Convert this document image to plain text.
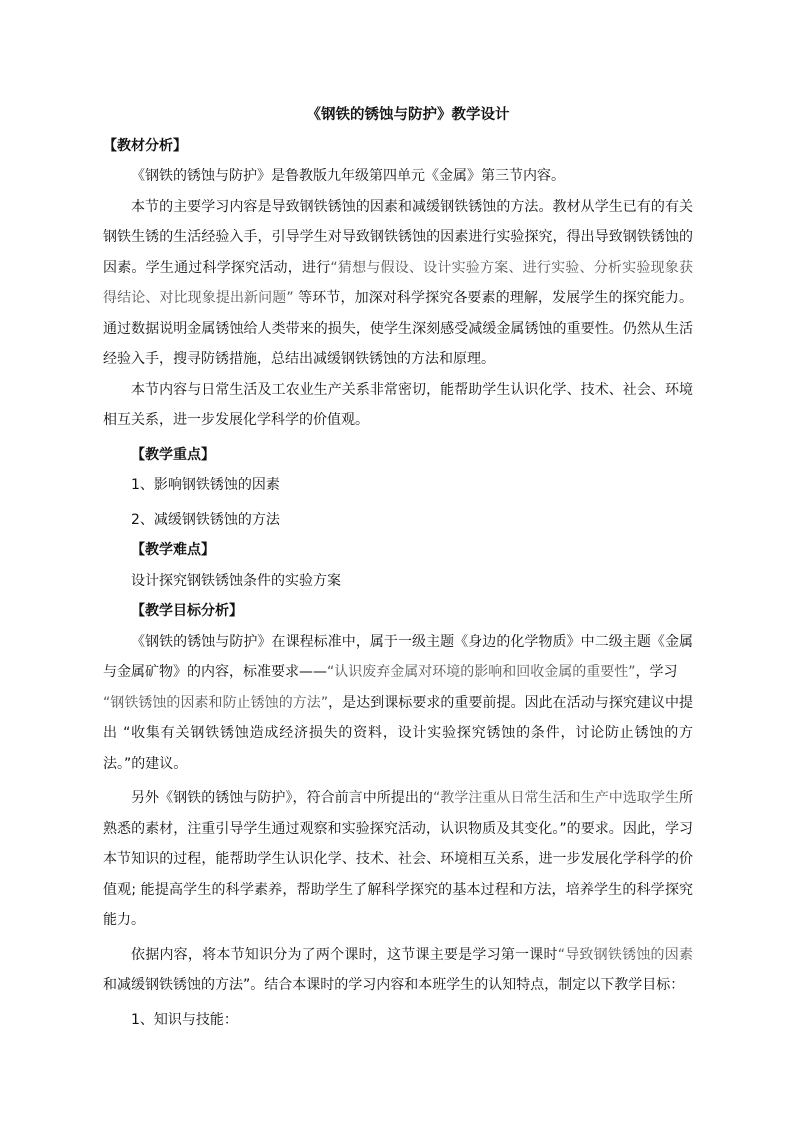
《钢铁的锈蚀与防护》教学设计
【教材分析】

《钢铁的锈蚀与防护》是鲁教版九年级第四单元《金属》第三节内容。

本节的主要学习内容是导致钢铁锈蚀的因素和减缓钢铁锈蚀的方法。教材从学生已有的有关钢铁生锈的生活经验入手，引导学生对导致钢铁锈蚀的因素进行实验探究，得出导致钢铁锈蚀的因素。学生通过科学探究活动，进行“猜想与假设、设计实验方案、进行实验、分析实验现象获得结论、对比现象提出新问题” 等环节，加深对科学探究各要素的理解，发展学生的探究能力。通过数据说明金属锈蚀给人类带来的损失，使学生深刻感受减缓金属锈蚀的重要性。仍然从生活经验入手，搜寻防锈措施，总结出减缓钢铁锈蚀的方法和原理。

本节内容与日常生活及工农业生产关系非常密切，能帮助学生认识化学、技术、社会、环境相互关系，进一步发展化学科学的价值观。

【教学重点】

1、影响钢铁锈蚀的因素

2、减缓钢铁锈蚀的方法

【教学难点】

设计探究钢铁锈蚀条件的实验方案

【教学目标分析】

《钢铁的锈蚀与防护》在课程标准中，属于一级主题《身边的化学物质》中二级主题《金属与金属矿物》的内容，标准要求——“认识废弃金属对环境的影响和回收金属的重要性”，学习
“钢铁锈蚀的因素和防止锈蚀的方法”，是达到课标要求的重要前提。因此在活动与探究建议中提出 “收集有关钢铁锈蚀造成经济损失的资料，设计实验探究锈蚀的条件，讨论防止锈蚀的方法。”的建议。

另外《钢铁的锈蚀与防护》，符合前言中所提出的“教学注重从日常生活和生产中选取学生所熟悉的素材，注重引导学生通过观察和实验探究活动，认识物质及其变化。”的要求。因此，学习本节知识的过程，能帮助学生认识化学、技术、社会、环境相互关系，进一步发展化学科学的价值观; 能提高学生的科学素养，帮助学生了解科学探究的基本过程和方法，培养学生的科学探究能力。

依据内容，将本节知识分为了两个课时，这节课主要是学习第一课时“导致钢铁锈蚀的因素和减缓钢铁锈蚀的方法”。结合本课时的学习内容和本班学生的认知特点，制定以下教学目标：

1、知识与技能：
